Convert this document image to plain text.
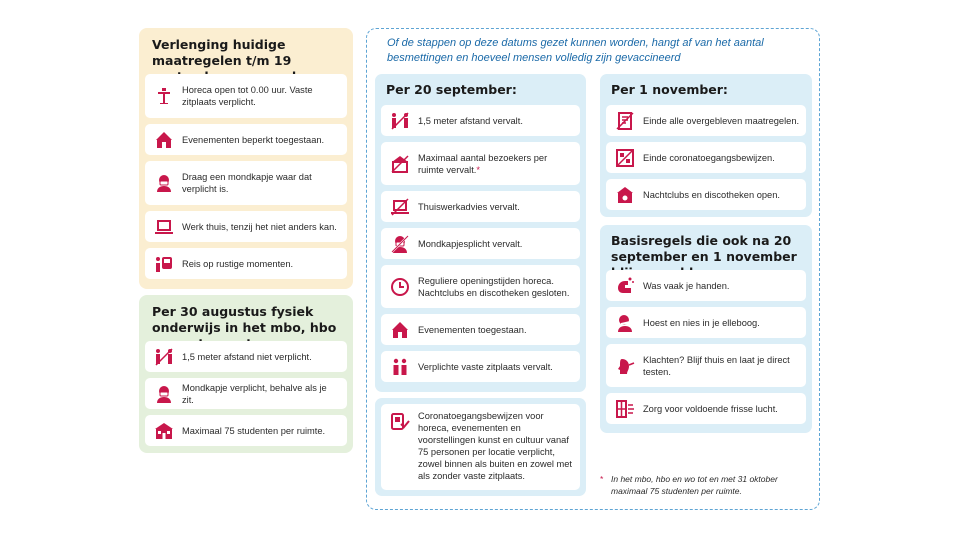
Verlenging huidige maatregelen t/m 19
Horeca open tot 0.00 uur. Vaste zitplaats verplicht.
Evenementen beperkt toegestaan.
Draag een mondkapje waar dat verplicht is.
Werk thuis, tenzij het niet anders kan.
Reis op rustige momenten.
Per 30 augustus fysiek onderwijs in het mbo, hbo
1,5 meter afstand niet verplicht.
Mondkapje verplicht, behalve als je zit.
Maximaal 75 studenten per ruimte.
Of de stappen op deze datums gezet kunnen worden, hangt af van het aantal besmettingen en hoeveel mensen volledig zijn gevaccineerd
Per 20 september:
1,5 meter afstand vervalt.
Maximaal aantal bezoekers per ruimte vervalt.*
Thuiswerkadvies vervalt.
Mondkapjesplicht vervalt.
Reguliere openingstijden horeca. Nachtclubs en discotheken gesloten.
Evenementen toegestaan.
Verplichte vaste zitplaats vervalt.
Coronatoegangsbewijzen voor horeca, evenementen en voorstellingen kunst en cultuur vanaf 75 personen per locatie verplicht, zowel binnen als buiten en zowel met als zonder vaste zitplaats.
Per 1 november:
Einde alle overgebleven maatregelen.
Einde coronatoegangsbewijzen.
Nachtclubs en discotheken open.
Basisregels die ook na 20 september en 1 november
Was vaak je handen.
Hoest en nies in je elleboog.
Klachten? Blijf thuis en laat je direct testen.
Zorg voor voldoende frisse lucht.
* In het mbo, hbo en wo tot en met 31 oktober maximaal 75 studenten per ruimte.
